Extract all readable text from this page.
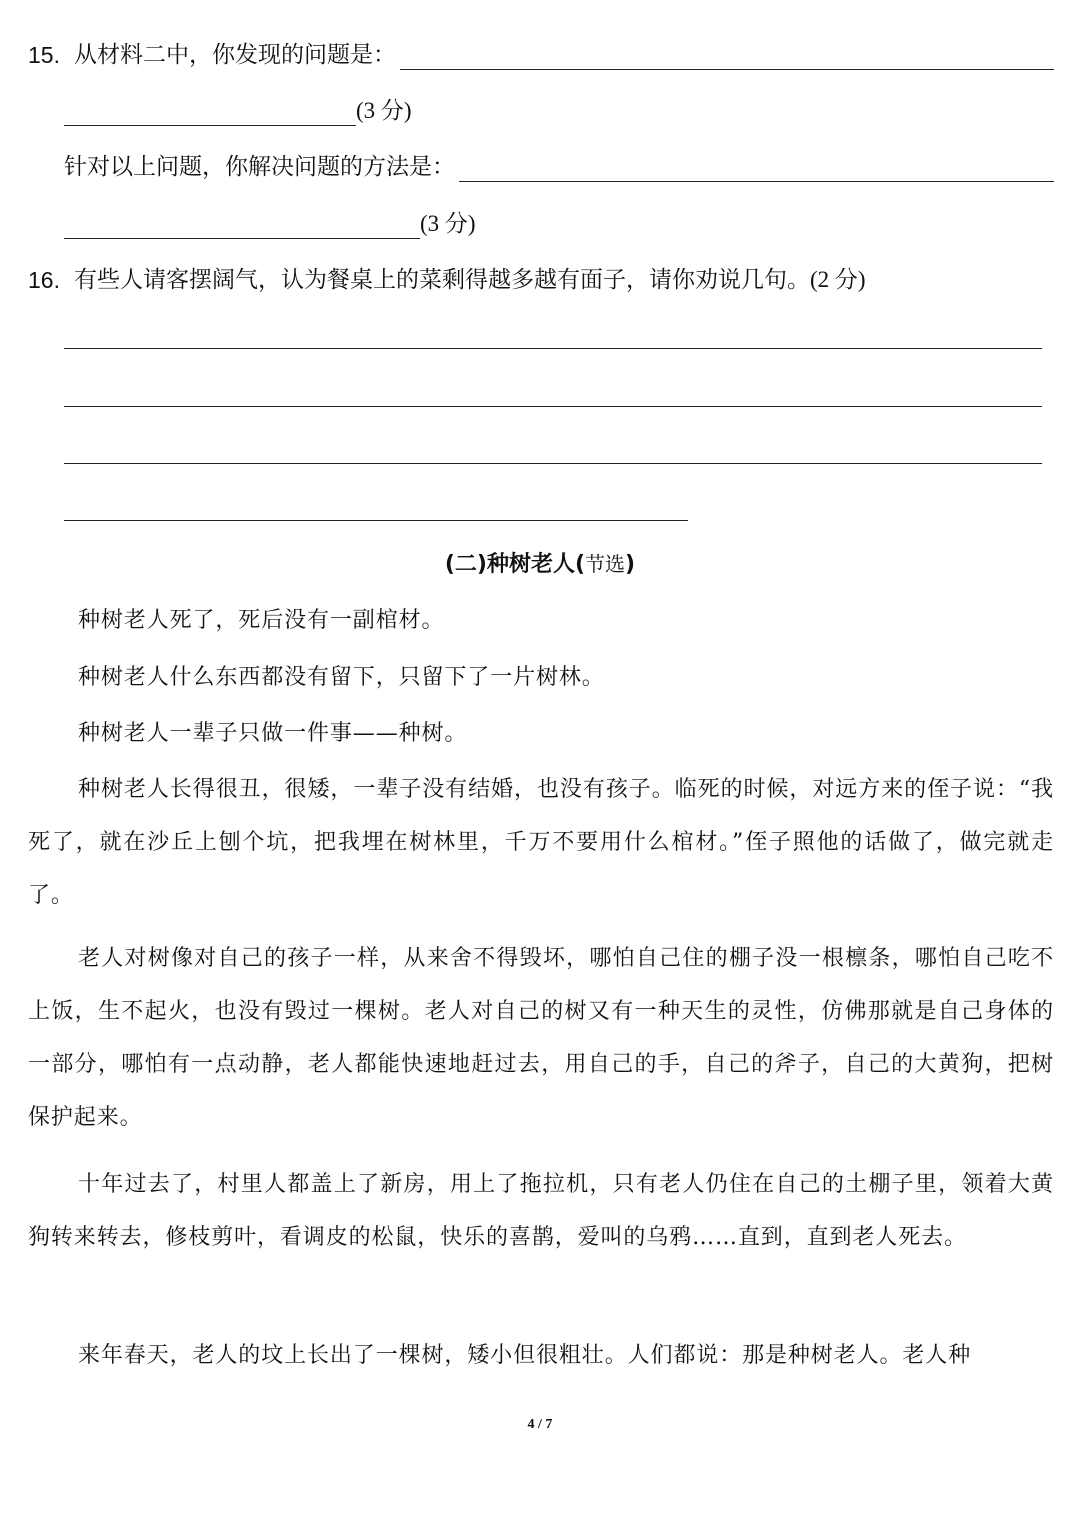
15. 从材料二中，你发现的问题是：
(3 分)
针对以上问题，你解决问题的方法是：
(3 分)
16. 有些人请客摆阔气，认为餐桌上的菜剩得越多越有面子，请你劝说几句。 (2 分)
(二)种树老人(节选)

种树老人死了，死后没有一副棺材。

种树老人什么东西都没有留下，只留下了一片树林。

种树老人一辈子只做一件事——种树。

种树老人长得很丑，很矮，一辈子没有结婚，也没有孩子。临死的时候，对远方来的侄子说：“我死了，就在沙丘上刨个坑，把我埋在树林里，千万不要用什么棺材。”侄子照他的话做了，做完就走了。

老人对树像对自己的孩子一样，从来舍不得毁坏，哪怕自己住的棚子没一根檩条，哪怕自己吃不上饭，生不起火，也没有毁过一棵树。老人对自己的树又有一种天生的灵性，仿佛那就是自己身体的一部分，哪怕有一点动静，老人都能快速地赶过去，用自己的手，自己的斧子，自己的大黄狗，把树保护起来。

十年过去了，村里人都盖上了新房，用上了拖拉机，只有老人仍住在自己的土棚子里，领着大黄狗转来转去，修枝剪叶，看调皮的松鼠，快乐的喜鹊，爱叫的乌鸦……直到，直到老人死去。

来年春天，老人的坟上长出了一棵树，矮小但很粗壮。人们都说：那是种树老人。老人种

4 / 7
